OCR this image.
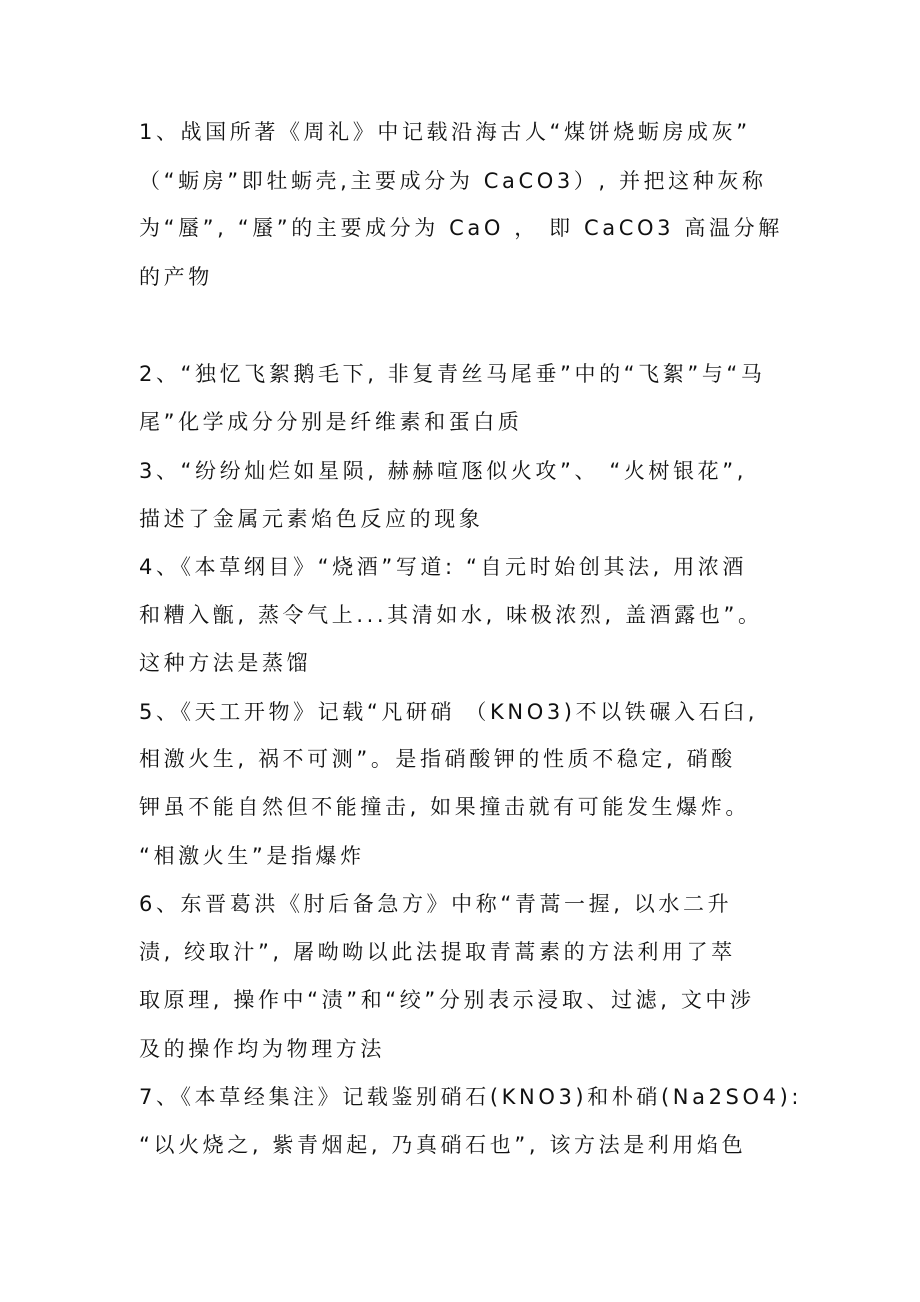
1、战国所著《周礼》中记载沿海古人“煤饼烧蛎房成灰”
（“蛎房”即牡蛎壳,主要成分为 CaCO3）, 并把这种灰称
为“蜃”, “蜃”的主要成分为 CaO ， 即 CaCO3 高温分解
的产物
2、“独忆飞絮鹅毛下, 非复青丝马尾垂”中的“飞絮”与“马
尾”化学成分分别是纤维素和蛋白质
3、“纷纷灿烂如星陨, 赫赫喧豗似火攻”、 “火树银花”,
描述了金属元素焰色反应的现象
4、《本草纲目》“烧酒”写道: “自元时始创其法, 用浓酒
和糟入甑, 蒸令气上...其清如水, 味极浓烈, 盖酒露也”。
这种方法是蒸馏
5、《天工开物》记载“凡研硝 （KNO3)不以铁碾入石臼,
相激火生, 祸不可测”。是指硝酸钾的性质不稳定, 硝酸
钾虽不能自然但不能撞击, 如果撞击就有可能发生爆炸。
“相激火生”是指爆炸
6、东晋葛洪《肘后备急方》中称“青蒿一握, 以水二升
渍, 绞取汁”, 屠呦呦以此法提取青蒿素的方法利用了萃
取原理, 操作中“渍”和“绞”分别表示浸取、过滤, 文中涉
及的操作均为物理方法
7、《本草经集注》记载鉴别硝石(KNO3)和朴硝(Na2SO4):
“以火烧之, 紫青烟起, 乃真硝石也”, 该方法是利用焰色
